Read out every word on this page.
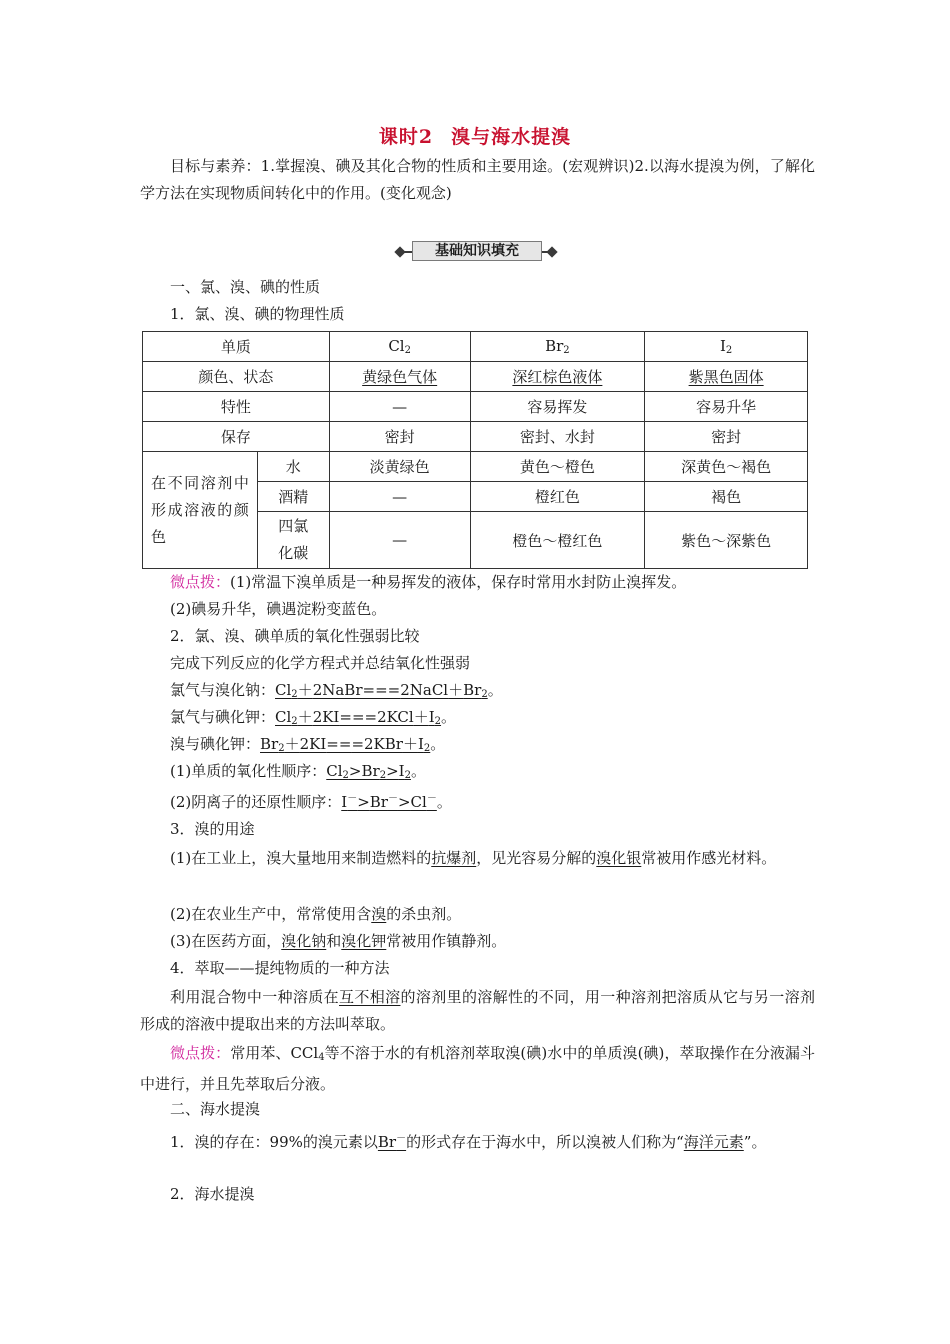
课时2 溴与海水提溴
目标与素养：1.掌握溴、碘及其化合物的性质和主要用途。(宏观辨识)2.以海水提溴为例，了解化学方法在实现物质间转化中的作用。(变化观念)
基础知识填充
一、氯、溴、碘的性质
1．氯、溴、碘的物理性质
单质		$Cl_2$	$Br_2$	$I_2$
颜色、状态		黄绿色气体	深红棕色液体	紫黑色固体
特性		—	容易挥发	容易升华
保存		密封	密封、水封	密封
在不同溶剂中形成溶液的颜色	水	淡黄绿色	黄色～橙色	深黄色～褐色
	酒精	—	橙红色	褐色
	四氯化碳	—	橙色～橙红色	紫色～深紫色
微点拨：(1)常温下溴单质是一种易挥发的液体，保存时常用水封防止溴挥发。
(2)碘易升华，碘遇淀粉变蓝色。
2．氯、溴、碘单质的氧化性强弱比较
完成下列反应的化学方程式并总结氧化性强弱
氯气与溴化钠：$Cl_2+2NaBr===2NaCl+Br_2$。
氯气与碘化钾：$Cl_2+2KI===2KCl+I_2$。
溴与碘化钾：$Br_2+2KI===2KBr+I_2$。
(1)单质的氧化性顺序：$Cl_2>Br_2>I_2$。
(2)阴离子的还原性顺序：I－>Br－>Cl－。
3．溴的用途
(1)在工业上，溴大量地用来制造燃料的抗爆剂，见光容易分解的溴化银常被用作感光材料。
(2)在农业生产中，常常使用含溴的杀虫剂。
(3)在医药方面，溴化钠和溴化钾常被用作镇静剂。
4．萃取——提纯物质的一种方法
利用混合物中一种溶质在互不相溶的溶剂里的溶解性的不同，用一种溶剂把溶质从它与另一溶剂形成的溶液中提取出来的方法叫萃取。
微点拨：常用苯、CCl$_4$等不溶于水的有机溶剂萃取溴(碘)水中的单质溴(碘)，萃取操作在分液漏斗中进行，并且先萃取后分液。
二、海水提溴
1．溴的存在：99%的溴元素以Br－的形式存在于海水中，所以溴被人们称为“海洋元素”。
2．海水提溴
